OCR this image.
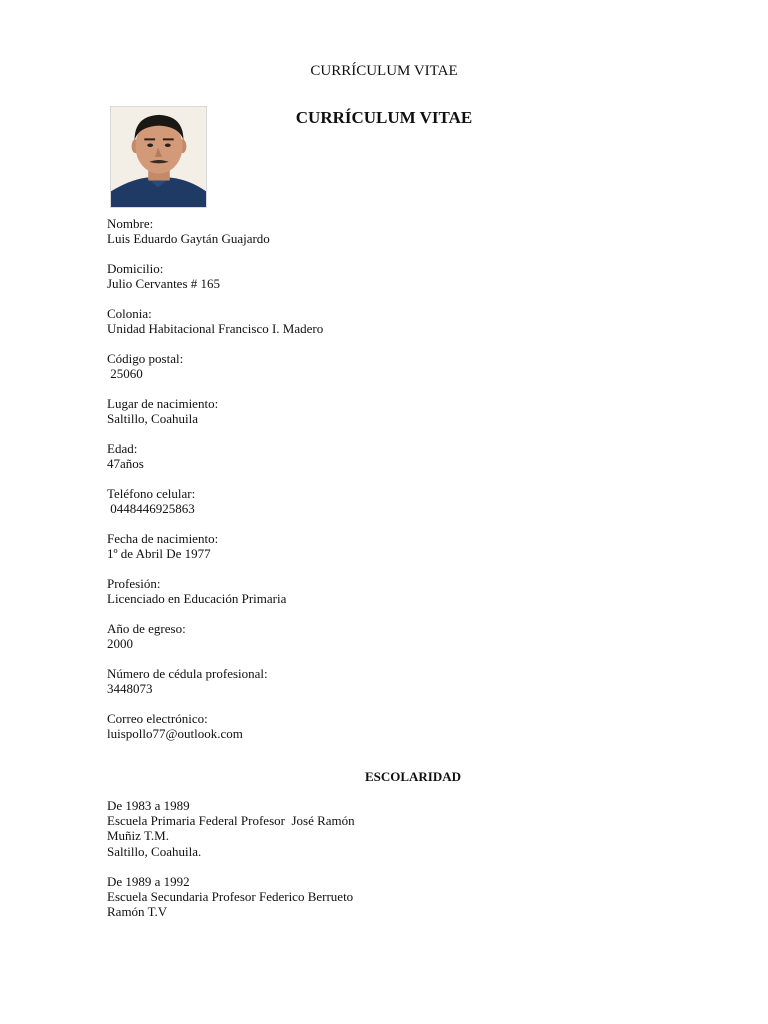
CURRÍCULUM VITAE
CURRÍCULUM VITAE
Nombre:
Luis Eduardo Gaytán Guajardo
Domicilio:
Julio Cervantes # 165
Colonia:
Unidad Habitacional Francisco I. Madero
Código postal:
25060
Lugar de nacimiento:
Saltillo, Coahuila
Edad:
47años
Teléfono celular:
0448446925863
Fecha de nacimiento:
1º de Abril De 1977
Profesión:
Licenciado en Educación Primaria
Año de egreso:
2000
Número de cédula profesional:
3448073
Correo electrónico:
luispollo77@outlook.com
ESCOLARIDAD
De 1983 a 1989
Escuela Primaria Federal Profesor  José Ramón
Muñiz T.M.
Saltillo, Coahuila.
De 1989 a 1992
Escuela Secundaria Profesor Federico Berrueto
Ramón T.V
